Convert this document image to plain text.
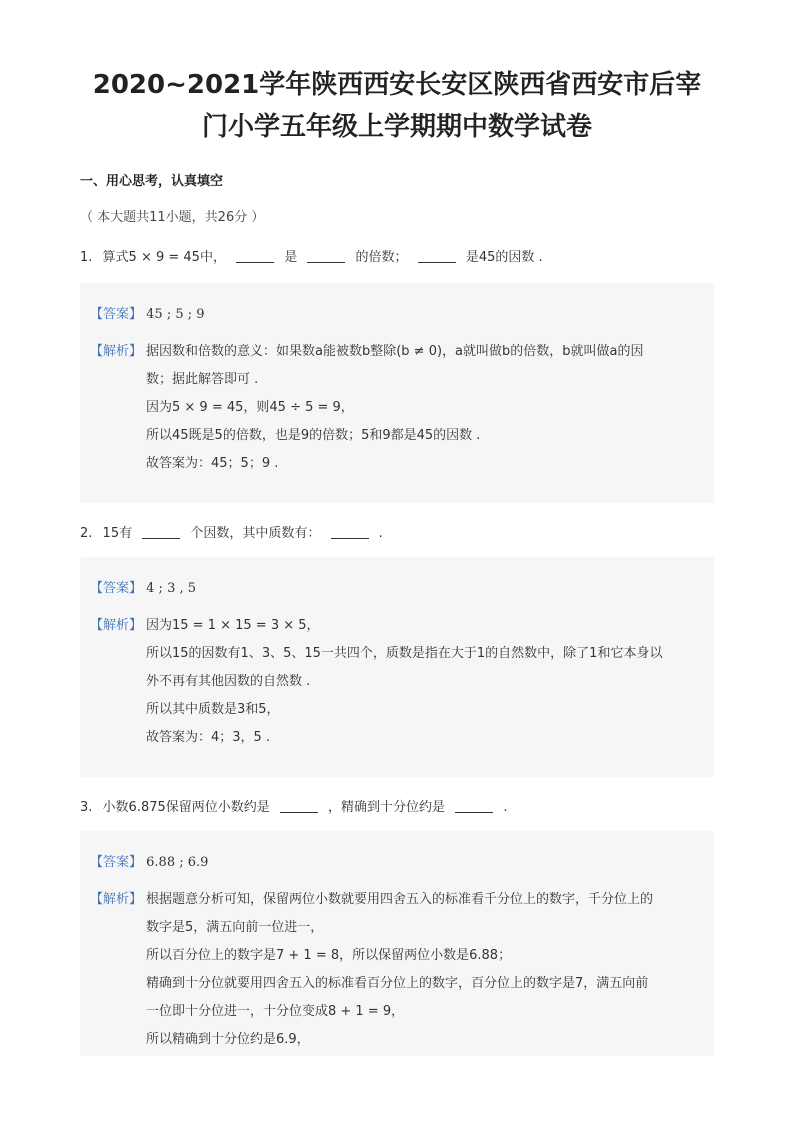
2020~2021学年陕西西安长安区陕西省西安市后宰
门小学五年级上学期期中数学试卷
一、用心思考，认真填空
（ 本大题共11小题，共26分 ）
1. 算式5 × 9 = 45中，	是	的倍数；	是45的因数 .
【答案】 45 ; 5 ; 9
【解析】 据因数和倍数的意义：如果数a能被数b整除(b ≠ 0)，a就叫做b的倍数，b就叫做a的因
数；据此解答即可 .
因为5 × 9 = 45，则45 ÷ 5 = 9，
所以45既是5的倍数，也是9的倍数；5和9都是45的因数 .
故答案为：45；5；9 .
2. 15有	个因数，其中质数有：	.
【答案】 4 ; 3 , 5
【解析】 因为15 = 1 × 15 = 3 × 5，
所以15的因数有1、3、5、15一共四个，质数是指在大于1的自然数中，除了1和它本身以
外不再有其他因数的自然数 .
所以其中质数是3和5，
故答案为：4；3，5 .
3. 小数6.875保留两位小数约是	，精确到十分位约是	.
【答案】 6.88 ; 6.9
【解析】 根据题意分析可知，保留两位小数就要用四舍五入的标准看千分位上的数字，千分位上的
数字是5，满五向前一位进一，
所以百分位上的数字是7 + 1 = 8，所以保留两位小数是6.88；
精确到十分位就要用四舍五入的标准看百分位上的数字，百分位上的数字是7，满五向前
一位即十分位进一，十分位变成8 + 1 = 9，
所以精确到十分位约是6.9，
